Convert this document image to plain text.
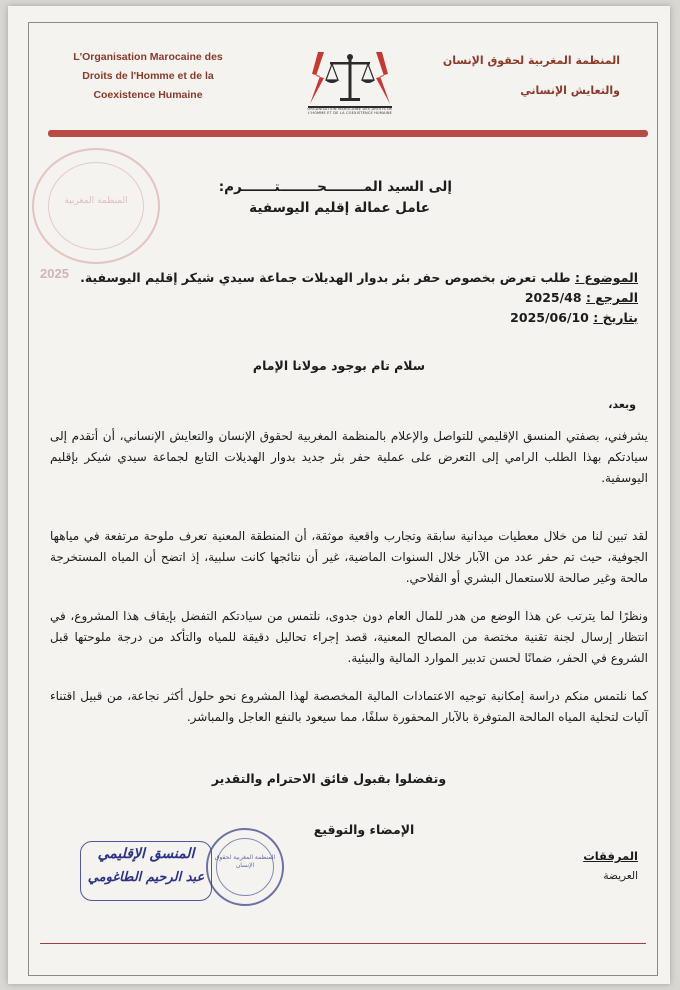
L'Organisation Marocaine des
Droits de l'Homme et de la
Coexistence Humaine
ORGANISATION MAROCAINE DES DROITS DE L'HOMME ET DE LA COEXISTENCE HUMAINE
المنظمة المغربية لحقوق الإنسان
والتعايش الإنساني
المنظمة المغربية
2025
إلى السيد المــــــــحــــــــتـــــــرم:
عامل عمالة إقليم اليوسفية
الموضوع : طلب تعرض بخصوص حفر بئر بدوار الهديلات جماعة سيدي شيكر إقليم اليوسفية.
المرجع : 2025/48
بتاريخ : 2025/06/10
سلام تام بوجود مولانا الإمام
وبعد،
يشرفني، بصفتي المنسق الإقليمي للتواصل والإعلام بالمنظمة المغربية لحقوق الإنسان والتعايش الإنساني، أن أتقدم إلى سيادتكم بهذا الطلب الرامي إلى التعرض على عملية حفر بئر جديد بدوار الهديلات التابع لجماعة سيدي شيكر بإقليم اليوسفية.
لقد تبين لنا من خلال معطيات ميدانية سابقة وتجارب واقعية موثقة، أن المنطقة المعنية تعرف ملوحة مرتفعة في مياهها الجوفية، حيث تم حفر عدد من الآبار خلال السنوات الماضية، غير أن نتائجها كانت سلبية، إذ اتضح أن المياه المستخرجة مالحة وغير صالحة للاستعمال البشري أو الفلاحي.
ونظرًا لما يترتب عن هذا الوضع من هدر للمال العام دون جدوى، نلتمس من سيادتكم التفضل بإيقاف هذا المشروع، في انتظار إرسال لجنة تقنية مختصة من المصالح المعنية، قصد إجراء تحاليل دقيقة للمياه والتأكد من درجة ملوحتها قبل الشروع في الحفر، ضمانًا لحسن تدبير الموارد المالية والبيئية.
كما نلتمس منكم دراسة إمكانية توجيه الاعتمادات المالية المخصصة لهذا المشروع نحو حلول أكثر نجاعة، من قبيل اقتناء آليات لتحلية المياه المالحة المتوفرة بالآبار المحفورة سلفًا، مما سيعود بالنفع العاجل والمباشر.
وتفضلوا بقبول فائق الاحترام والتقدير
الإمضاء والتوقيع
المرفقات
العريضة
المنظمة المغربية لحقوق الإنسان
المنسق الإقليمي
عبد الرحيم الطاغومي
